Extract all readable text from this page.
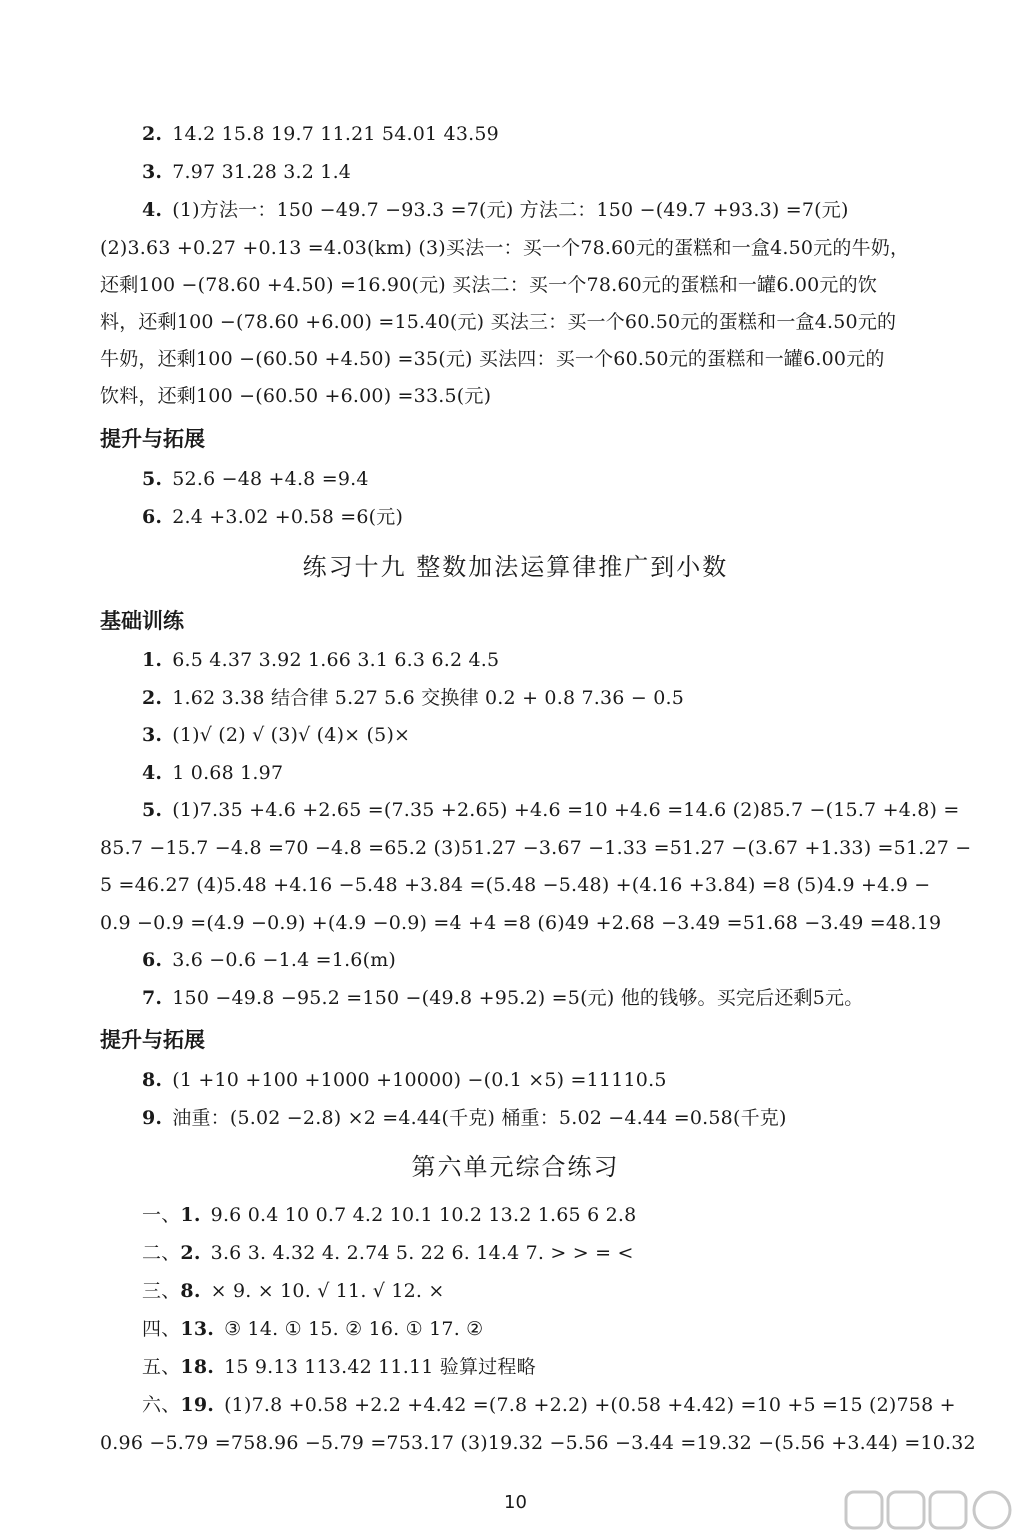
2. 14.2 15.8 19.7 11.21 54.01 43.59
3. 7.97 31.28 3.2 1.4
4. (1)方法一：150 −49.7 −93.3 =7(元) 方法二：150 −(49.7 +93.3) =7(元)
(2)3.63 +0.27 +0.13 =4.03(km) (3)买法一：买一个78.60元的蛋糕和一盒4.50元的牛奶，
还剩100 −(78.60 +4.50) =16.90(元) 买法二：买一个78.60元的蛋糕和一罐6.00元的饮
料，还剩100 −(78.60 +6.00) =15.40(元) 买法三：买一个60.50元的蛋糕和一盒4.50元的
牛奶，还剩100 −(60.50 +4.50) =35(元) 买法四：买一个60.50元的蛋糕和一罐6.00元的
饮料，还剩100 −(60.50 +6.00) =33.5(元)
提升与拓展
5. 52.6 −48 +4.8 =9.4
6. 2.4 +3.02 +0.58 =6(元)
练习十九 整数加法运算律推广到小数
基础训练
1. 6.5 4.37 3.92 1.66 3.1 6.3 6.2 4.5
2. 1.62 3.38 结合律 5.27 5.6 交换律 0.2 + 0.8 7.36 − 0.5
3. (1)√ (2) √ (3)√ (4)× (5)×
4. 1 0.68 1.97
5. (1)7.35 +4.6 +2.65 =(7.35 +2.65) +4.6 =10 +4.6 =14.6 (2)85.7 −(15.7 +4.8) =
85.7 −15.7 −4.8 =70 −4.8 =65.2 (3)51.27 −3.67 −1.33 =51.27 −(3.67 +1.33) =51.27 −
5 =46.27 (4)5.48 +4.16 −5.48 +3.84 =(5.48 −5.48) +(4.16 +3.84) =8 (5)4.9 +4.9 −
0.9 −0.9 =(4.9 −0.9) +(4.9 −0.9) =4 +4 =8 (6)49 +2.68 −3.49 =51.68 −3.49 =48.19
6. 3.6 −0.6 −1.4 =1.6(m)
7. 150 −49.8 −95.2 =150 −(49.8 +95.2) =5(元) 他的钱够。买完后还剩5元。
提升与拓展
8. (1 +10 +100 +1000 +10000) −(0.1 ×5) =11110.5
9. 油重：(5.02 −2.8) ×2 =4.44(千克) 桶重：5.02 −4.44 =0.58(千克)
第六单元综合练习
一、1. 9.6 0.4 10 0.7 4.2 10.1 10.2 13.2 1.65 6 2.8
二、2. 3.6 3. 4.32 4. 2.74 5. 22 6. 14.4 7. > > = <
三、8. × 9. × 10. √ 11. √ 12. ×
四、13. ③ 14. ① 15. ② 16. ① 17. ②
五、18. 15 9.13 113.42 11.11 验算过程略
六、19. (1)7.8 +0.58 +2.2 +4.42 =(7.8 +2.2) +(0.58 +4.42) =10 +5 =15 (2)758 +
0.96 −5.79 =758.96 −5.79 =753.17 (3)19.32 −5.56 −3.44 =19.32 −(5.56 +3.44) =10.32
10
